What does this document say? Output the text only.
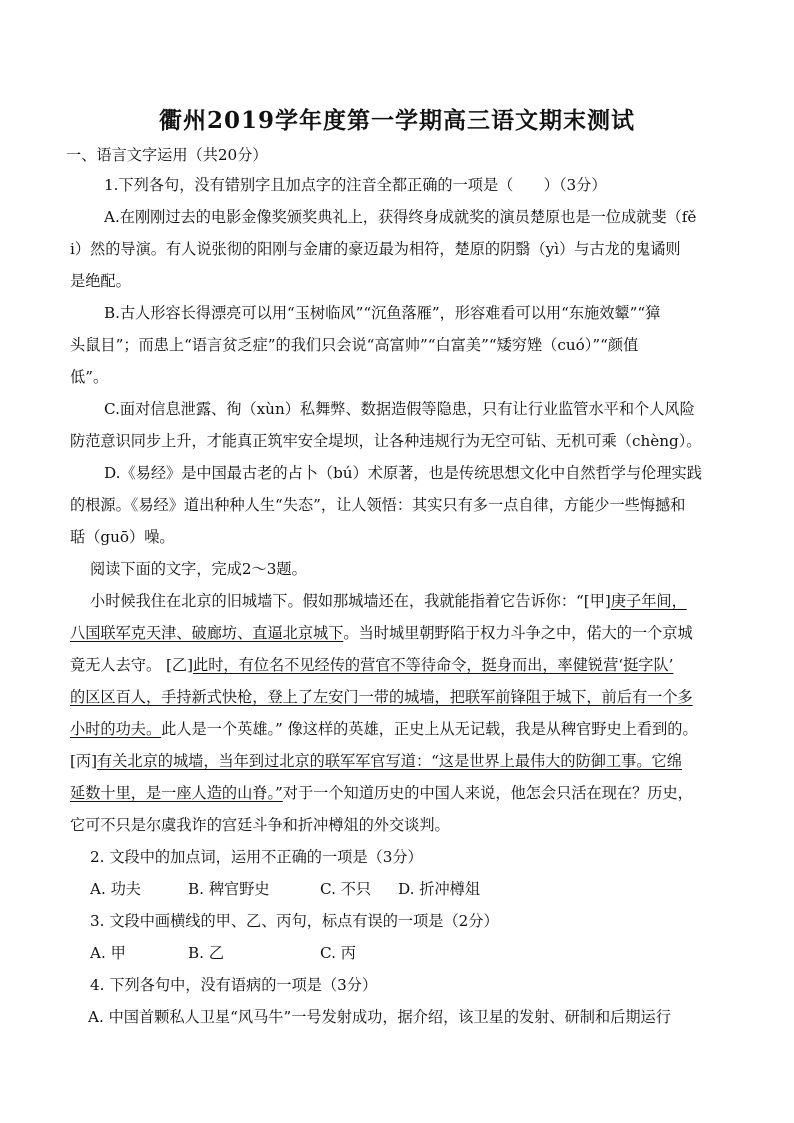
衢州2019学年度第一学期高三语文期末测试
一、语言文字运用（共20分）
1.下列各句，没有错别字且加点字的注音全都正确的一项是（　　）（3分）
A.在刚刚过去的电影金像奖颁奖典礼上，获得终身成就奖的演员楚原也是一位成就斐（fě
i）然的导演。有人说张彻的阳刚与金庸的豪迈最为相符，楚原的阴翳（yì）与古龙的鬼谲则
是绝配。
B.古人形容长得漂亮可以用“玉树临风”“沉鱼落雁”，形容难看可以用“东施效颦”“獐
头鼠目”；而患上“语言贫乏症”的我们只会说“高富帅”“白富美”“矮穷矬（cuó）”“颜值
低”。
C.面对信息泄露、徇（xùn）私舞弊、数据造假等隐患，只有让行业监管水平和个人风险
防范意识同步上升，才能真正筑牢安全堤坝，让各种违规行为无空可钻、无机可乘（chèng）。
D.《易经》是中国最古老的占卜（bú）术原著，也是传统思想文化中自然哲学与伦理实践
的根源。《易经》道出种种人生“失态”，让人领悟：其实只有多一点自律，方能少一些悔撼和
聒（guō）噪。
阅读下面的文字，完成2～3题。
小时候我住在北京的旧城墙下。假如那城墙还在，我就能指着它告诉你：“[甲]庚子年间，
八国联军克天津、破廊坊、直逼北京城下。当时城里朝野陷于权力斗争之中，偌大的一个京城
竟无人去守。 [乙]此时，有位名不见经传的营官不等待命令，挺身而出，率健锐营‘挺字队’
的区区百人，手持新式快枪，登上了左安门一带的城墙，把联军前锋阻于城下，前后有一个多
小时的功夫。此人是一个英雄。” 像这样的英雄，正史上从无记载，我是从稗官野史上看到的。
[丙]有关北京的城墙，当年到过北京的联军军官写道：“这是世界上最伟大的防御工事。它绵
延数十里，是一座人造的山脊。”对于一个知道历史的中国人来说，他怎会只活在现在？历史，
它可不只是尔虞我诈的宫廷斗争和折冲樽俎的外交谈判。
2. 文段中的加点词，运用不正确的一项是（3分）
A. 功夫	B. 稗官野史	C. 不只 D. 折冲樽俎
3. 文段中画横线的甲、乙、丙句，标点有误的一项是（2分）
A. 甲	B. 乙	C. 丙
4. 下列各句中，没有语病的一项是（3分）
A. 中国首颗私人卫星“风马牛”一号发射成功，据介绍，该卫星的发射、研制和后期运行
